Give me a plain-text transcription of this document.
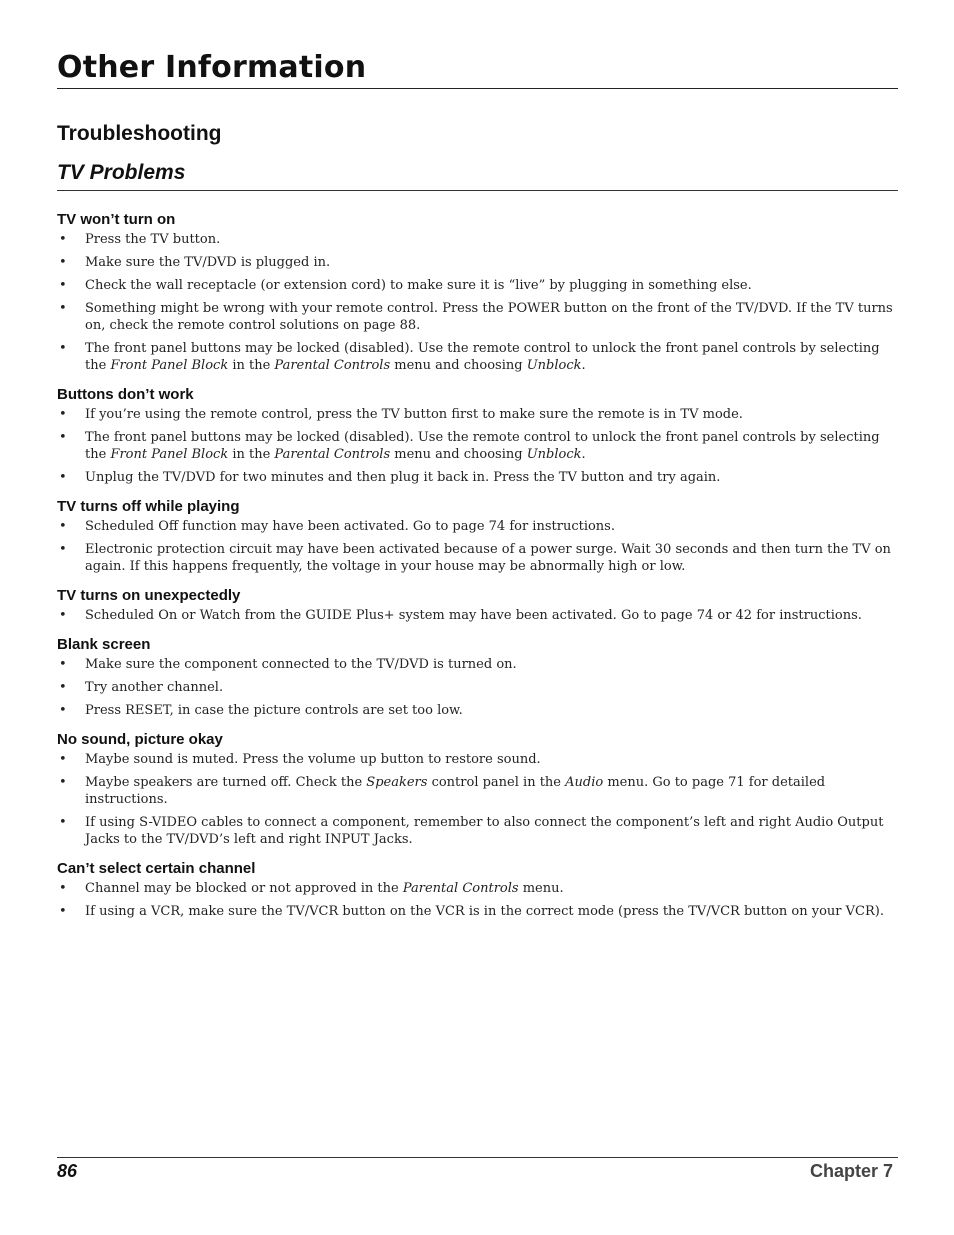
Other Information
Troubleshooting
TV Problems
TV won’t turn on
• Press the TV button.
• Make sure the TV/DVD is plugged in.
• Check the wall receptacle (or extension cord) to make sure it is “live” by plugging in something else.
• Something might be wrong with your remote control. Press the POWER button on the front of the TV/DVD. If the TV turns on, check the remote control solutions on page 88.
• The front panel buttons may be locked (disabled). Use the remote control to unlock the front panel controls by selecting the Front Panel Block in the Parental Controls menu and choosing Unblock.
Buttons don’t work
• If you’re using the remote control, press the TV button first to make sure the remote is in TV mode.
• The front panel buttons may be locked (disabled). Use the remote control to unlock the front panel controls by selecting the Front Panel Block in the Parental Controls menu and choosing Unblock.
• Unplug the TV/DVD for two minutes and then plug it back in. Press the TV button and try again.
TV turns off while playing
• Scheduled Off function may have been activated. Go to page 74 for instructions.
• Electronic protection circuit may have been activated because of a power surge. Wait 30 seconds and then turn the TV on again. If this happens frequently, the voltage in your house may be abnormally high or low.
TV turns on unexpectedly
• Scheduled On or Watch from the GUIDE Plus+ system may have been activated. Go to page 74 or 42 for instructions.
Blank screen
• Make sure the component connected to the TV/DVD is turned on.
• Try another channel.
• Press RESET, in case the picture controls are set too low.
No sound, picture okay
• Maybe sound is muted. Press the volume up button to restore sound.
• Maybe speakers are turned off. Check the Speakers control panel in the Audio menu. Go to page 71 for detailed instructions.
• If using S-VIDEO cables to connect a component, remember to also connect the component’s left and right Audio Output Jacks to the TV/DVD’s left and right INPUT Jacks.
Can’t select certain channel
• Channel may be blocked or not approved in the Parental Controls menu.
• If using a VCR, make sure the TV/VCR button on the VCR is in the correct mode (press the TV/VCR button on your VCR).
86	Chapter 7
